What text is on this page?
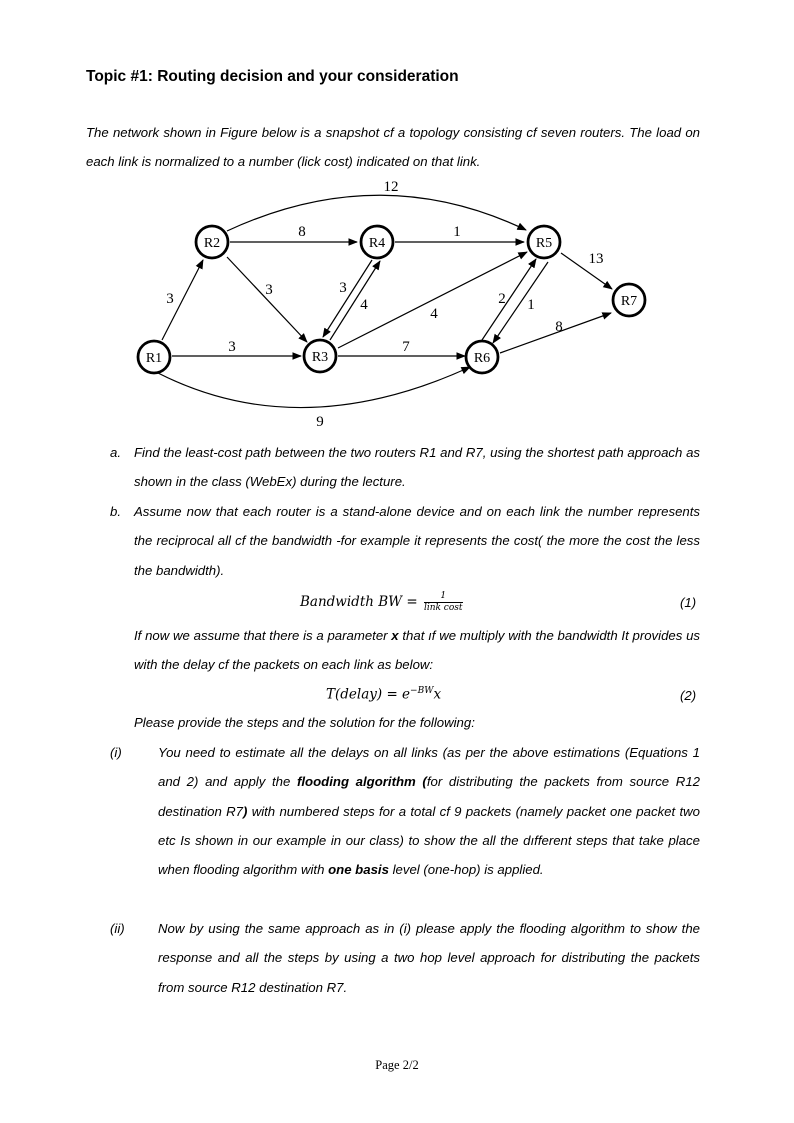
Topic #1: Routing decision and your consideration
The network shown in Figure below is a snapshot cf a topology consisting cf seven routers. The load on each link is normalized to a number (lick cost) indicated on that link.
R1
R2
R3
R4	R5
R6
R7
12
8	1
13
3
3	3
4
4
2 1
8
3	7
9
a. Find the least-cost path between the two routers R1 and R7, using the shortest path approach as shown in the class (WebEx) during the lecture.
b. Assume now that each router is a stand-alone device and on each link the number represents the reciprocal all cf the bandwidth -for example it represents the cost( the more the cost the less the bandwidth).
Bandwidth BW = $\frac{1}{\text{link cost}}$	(1)
If now we assume that there is a parameter x that ıf we multiply with the bandwidth It provides us with the delay cf the packets on each link as below:
T(delay) = $e^{-BW}x$	(2)
Please provide the steps and the solution for the following:
(i)	You need to estimate all the delays on all links (as per the above estimations (Equations 1 and 2) and apply the flooding algorithm (for distributing the packets from source R12 destination R7) with numbered steps for a total cf 9 packets (namely packet one packet two etc Is shown in our example in our class) to show the all the dıfferent steps that take place when flooding algorithm with one basis level (one-hop) is applied.
(ii)	Now by using the same approach as in (i) please apply the flooding algorithm to show the response and all the steps by using a two hop level approach for distributing the packets from source R12 destination R7.
Page 2/2
